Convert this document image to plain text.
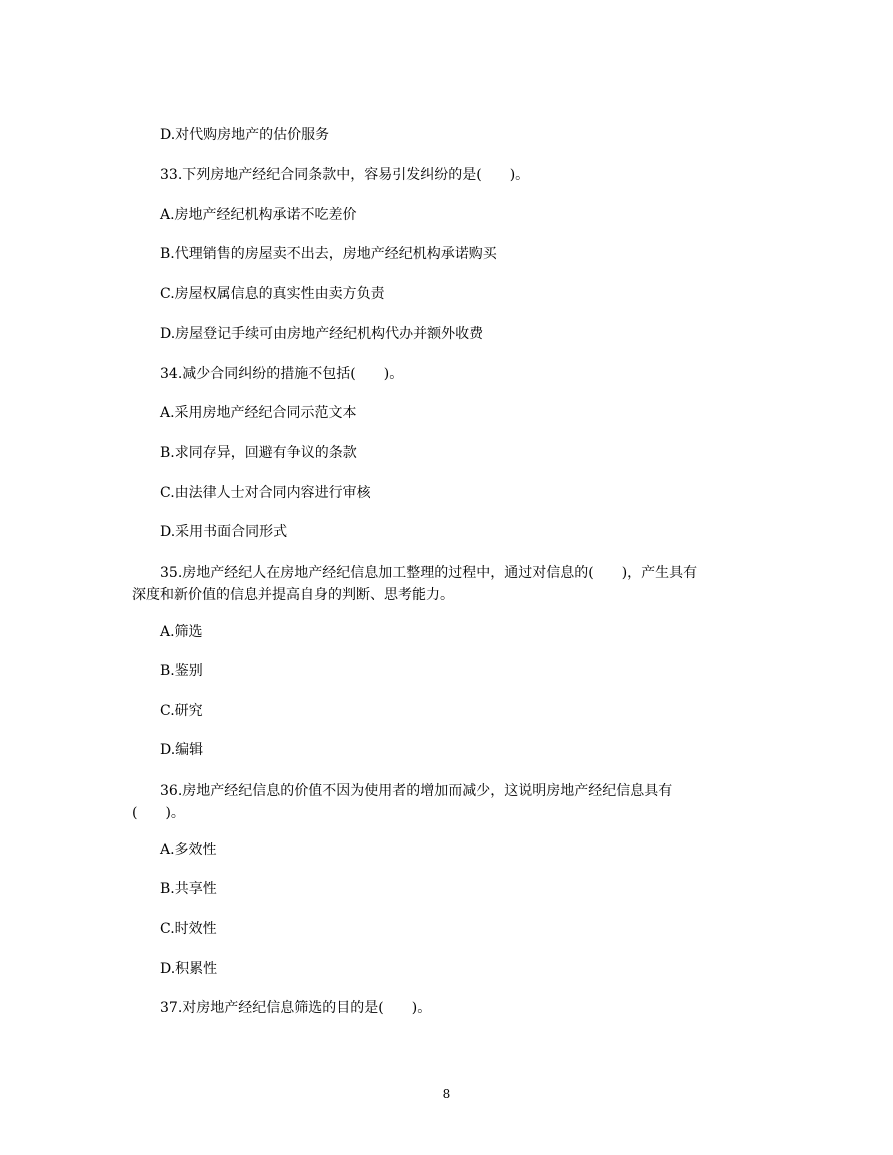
D.对代购房地产的估价服务
33.下列房地产经纪合同条款中，容易引发纠纷的是(　　)。
A.房地产经纪机构承诺不吃差价
B.代理销售的房屋卖不出去，房地产经纪机构承诺购买
C.房屋权属信息的真实性由卖方负责
D.房屋登记手续可由房地产经纪机构代办并额外收费
34.减少合同纠纷的措施不包括(　　)。
A.采用房地产经纪合同示范文本
B.求同存异，回避有争议的条款
C.由法律人士对合同内容进行审核
D.采用书面合同形式
35.房地产经纪人在房地产经纪信息加工整理的过程中，通过对信息的(　　)，产生具有
深度和新价值的信息并提高自身的判断、思考能力。
A.筛选
B.鉴别
C.研究
D.编辑
36.房地产经纪信息的价值不因为使用者的增加而减少，这说明房地产经纪信息具有
(　　)。
A.多效性
B.共享性
C.时效性
D.积累性
37.对房地产经纪信息筛选的目的是(　　)。
8
